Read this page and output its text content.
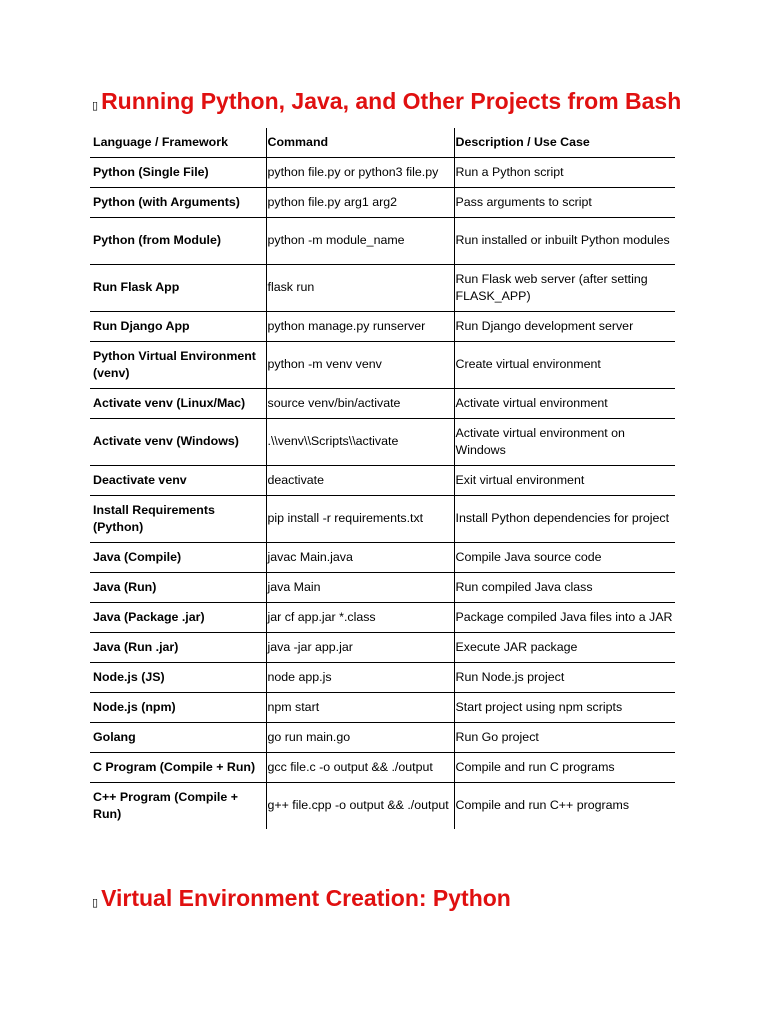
▯ Running Python, Java, and Other Projects from Bash
Language / Framework	Command	Description / Use Case
Python (Single File)	python file.py or python3 file.py	Run a Python script
Python (with Arguments)	python file.py arg1 arg2	Pass arguments to script
Python (from Module)	python -m module_name	Run installed or inbuilt Python modules
Run Flask App	flask run	Run Flask web server (after setting FLASK_APP)
Run Django App	python manage.py runserver	Run Django development server
Python Virtual Environment (venv)	python -m venv venv	Create virtual environment
Activate venv (Linux/Mac)	source venv/bin/activate	Activate virtual environment
Activate venv (Windows)	.\\venv\\Scripts\\activate	Activate virtual environment on Windows
Deactivate venv	deactivate	Exit virtual environment
Install Requirements (Python)	pip install -r requirements.txt	Install Python dependencies for project
Java (Compile)	javac Main.java	Compile Java source code
Java (Run)	java Main	Run compiled Java class
Java (Package .jar)	jar cf app.jar *.class	Package compiled Java files into a JAR
Java (Run .jar)	java -jar app.jar	Execute JAR package
Node.js (JS)	node app.js	Run Node.js project
Node.js (npm)	npm start	Start project using npm scripts
Golang	go run main.go	Run Go project
C Program (Compile + Run)	gcc file.c -o output && ./output	Compile and run C programs
C++ Program (Compile + Run)	g++ file.cpp -o output && ./output	Compile and run C++ programs
▯ Virtual Environment Creation: Python
